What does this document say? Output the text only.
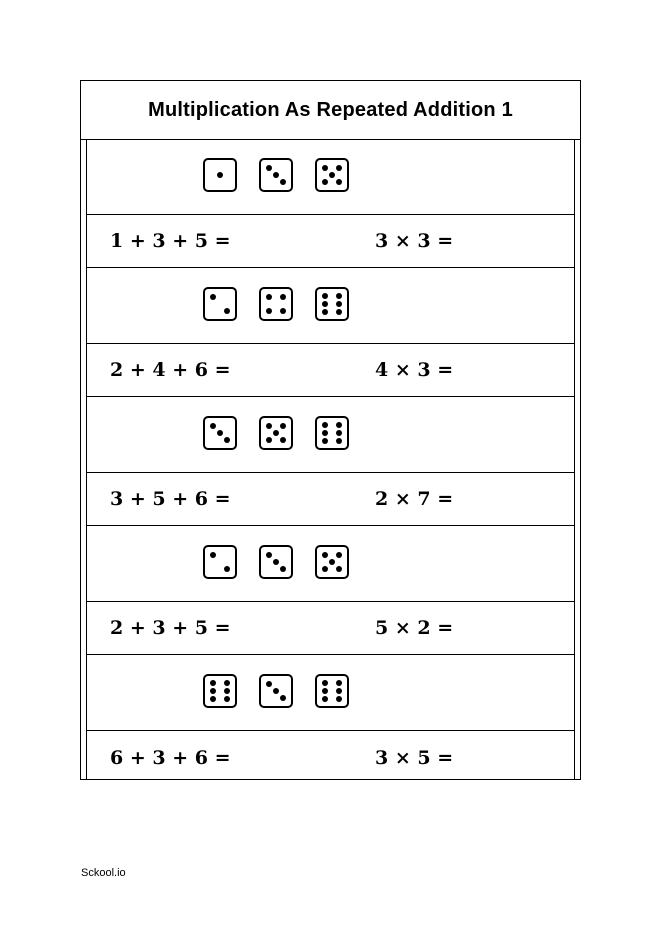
Multiplication As Repeated Addition 1
1 + 3 + 5 =	3 × 3 =
2 + 4 + 6 =	4 × 3 =
3 + 5 + 6 =	2 × 7 =
2 + 3 + 5 =	5 × 2 =
6 + 3 + 6 =	3 × 5 =
Sckool.io
